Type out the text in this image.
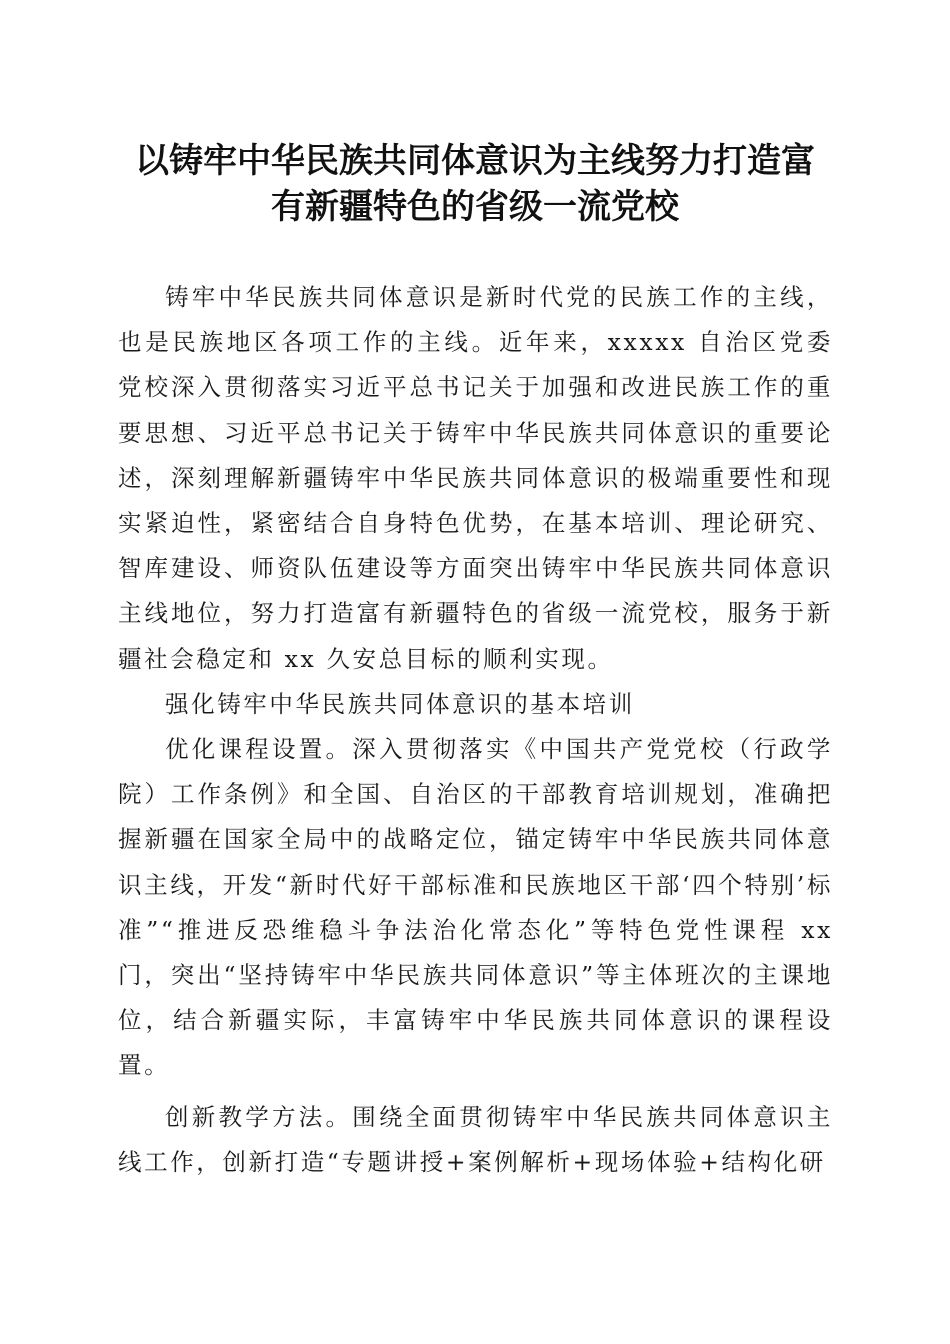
以铸牢中华民族共同体意识为主线努力打造富
有新疆特色的省级一流党校

铸牢中华民族共同体意识是新时代党的民族工作的主线，也是民族地区各项工作的主线。近年来，xxxxx 自治区党委党校深入贯彻落实习近平总书记关于加强和改进民族工作的重要思想、习近平总书记关于铸牢中华民族共同体意识的重要论述，深刻理解新疆铸牢中华民族共同体意识的极端重要性和现实紧迫性，紧密结合自身特色优势，在基本培训、理论研究、智库建设、师资队伍建设等方面突出铸牢中华民族共同体意识主线地位，努力打造富有新疆特色的省级一流党校，服务于新疆社会稳定和 xx 久安总目标的顺利实现。

强化铸牢中华民族共同体意识的基本培训

优化课程设置。深入贯彻落实《中国共产党党校（行政学院）工作条例》和全国、自治区的干部教育培训规划，准确把握新疆在国家全局中的战略定位，锚定铸牢中华民族共同体意识主线，开发“新时代好干部标准和民族地区干部‘四个特别’标准”“推进反恐维稳斗争法治化常态化”等特色党性课程 xx 门，突出“坚持铸牢中华民族共同体意识”等主体班次的主课地位，结合新疆实际，丰富铸牢中华民族共同体意识的课程设置。

创新教学方法。围绕全面贯彻铸牢中华民族共同体意识主线工作，创新打造“专题讲授+案例解析+现场体验+结构化研
